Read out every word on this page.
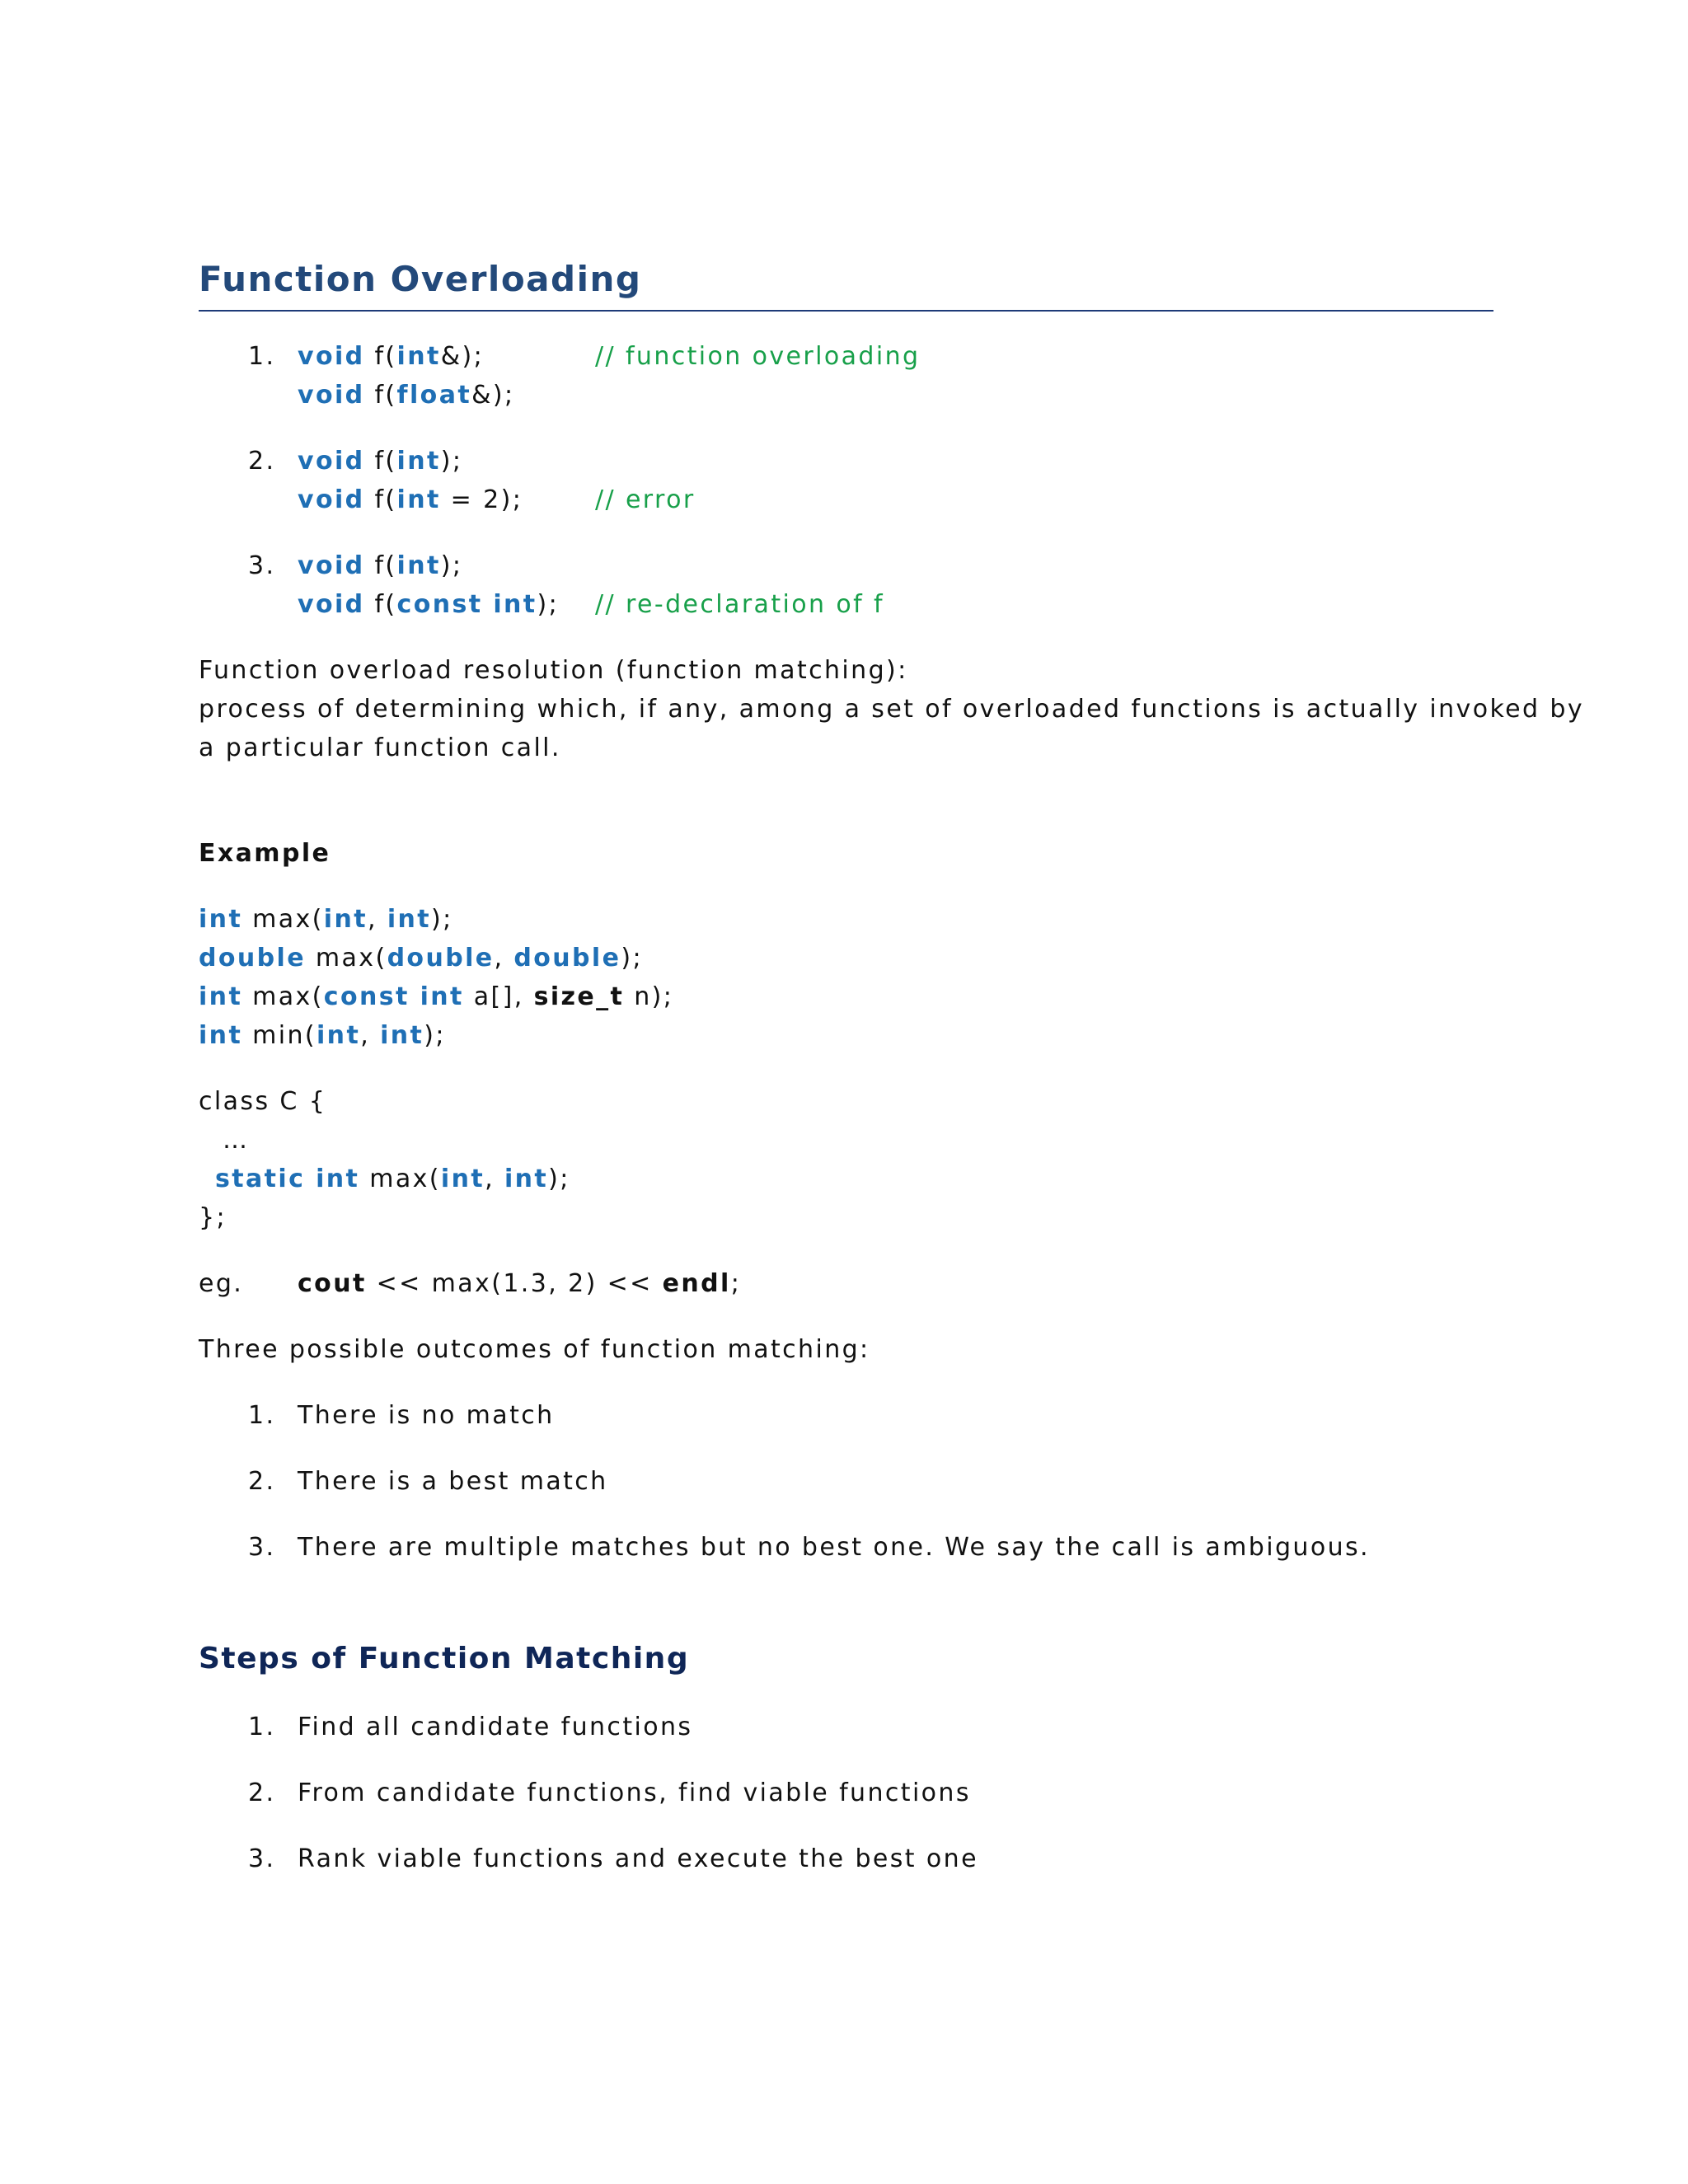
Function Overloading
1. void f(int&);	// function overloading
void f(float&);
2. void f(int);
void f(int = 2);	// error
3. void f(int);
void f(const int); // re-declaration of f
Function overload resolution (function matching):
process of determining which, if any, among a set of overloaded functions is actually invoked by
a particular function call.
Example
int max(int, int);
double max(double, double);
int max(const int a[], size_t n);
int min(int, int);
class C {
…
static int max(int, int);
};
eg. cout << max(1.3, 2) << endl;
Three possible outcomes of function matching:
1. There is no match
2. There is a best match
3. There are multiple matches but no best one. We say the call is ambiguous.
Steps of Function Matching
1. Find all candidate functions
2. From candidate functions, find viable functions
3. Rank viable functions and execute the best one
